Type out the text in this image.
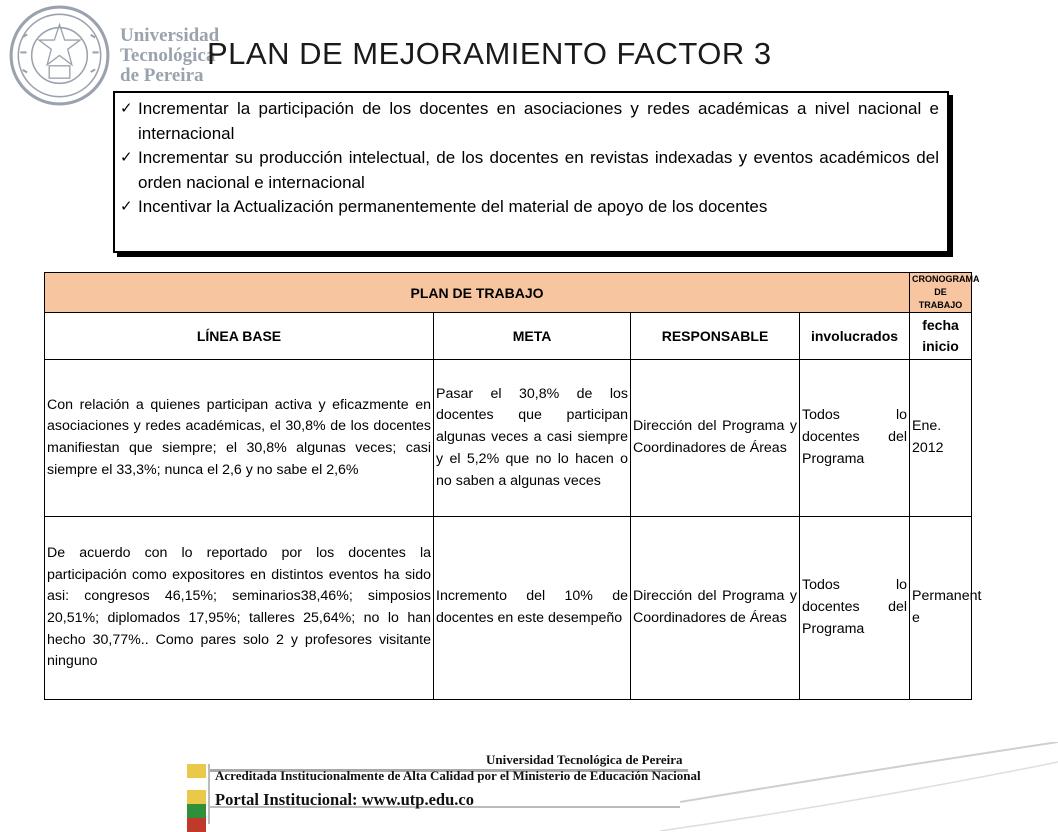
Universidad
Tecnológica
de Pereira
PLAN DE MEJORAMIENTO FACTOR 3
✓ Incrementar la participación de los docentes en asociaciones y redes académicas a nivel nacional e internacional
✓ Incrementar su producción intelectual, de los docentes en revistas indexadas y eventos académicos del orden nacional e internacional
✓ Incentivar la Actualización permanentemente del material de apoyo de los docentes
PLAN DE TRABAJO				CRONOGRAMA DE TRABAJO
LÍNEA BASE	META	RESPONSABLE	involucrados	fecha inicio
Con relación a quienes participan activa y eficazmente en asociaciones y redes académicas, el 30,8% de los docentes manifiestan que siempre; el 30,8% algunas veces; casi siempre el 33,3%; nunca el 2,6 y no sabe el 2,6%	Pasar el 30,8% de los docentes que participan algunas veces a casi siempre y el 5,2% que no lo hacen o no saben a algunas veces	Dirección del Programa y Coordinadores de Áreas	Todos lo docentes del Programa	Ene. 2012
De acuerdo con lo reportado por los docentes la participación como expositores en distintos eventos ha sido asi: congresos 46,15%; seminarios38,46%; simposios 20,51%; diplomados 17,95%; talleres 25,64%; no lo han hecho 30,77%.. Como pares solo 2 y profesores visitante ninguno	Incremento del 10% de docentes en este desempeño	Dirección del Programa y Coordinadores de Áreas	Todos lo docentes del Programa	Permanent e
Universidad Tecnológica de Pereira
Acreditada Institucionalmente de Alta Calidad por el Ministerio de Educación Nacional
Portal Institucional: www.utp.edu.co
